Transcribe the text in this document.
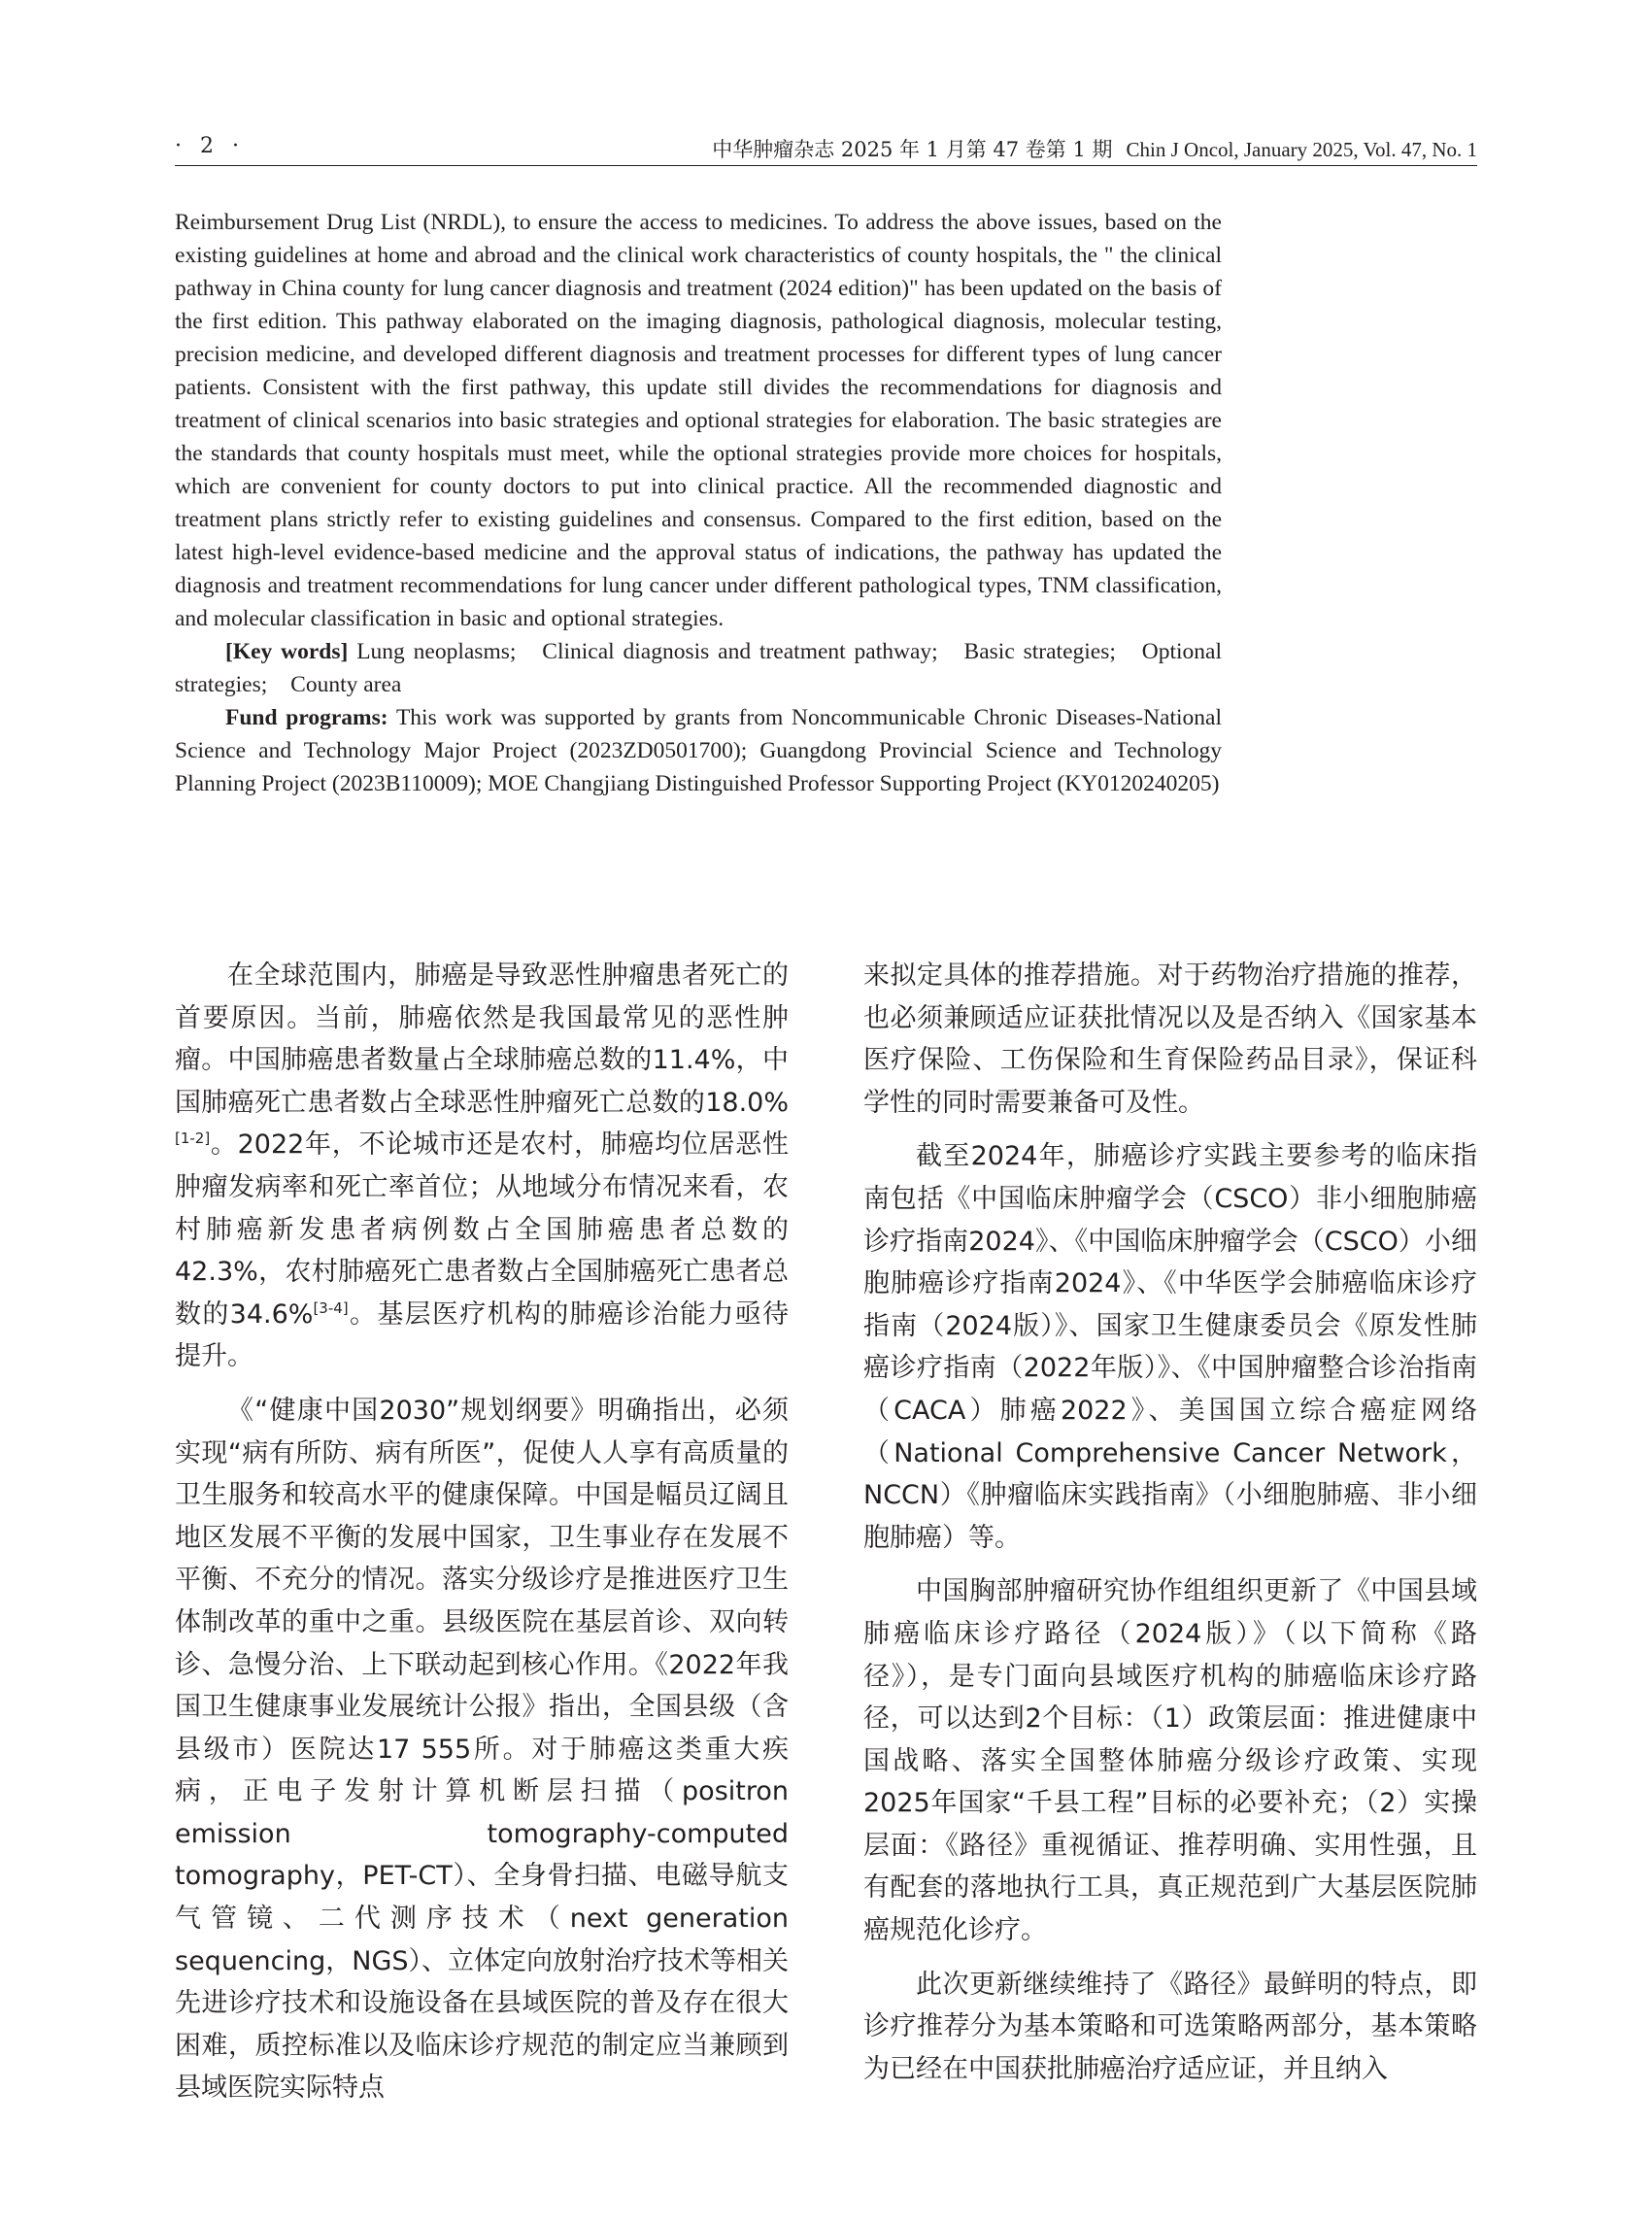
· 2 ·	中华肿瘤杂志 2025 年 1 月第 47 卷第 1 期 Chin J Oncol, January 2025, Vol. 47, No. 1

Reimbursement Drug List (NRDL), to ensure the access to medicines. To address the above issues, based on the existing guidelines at home and abroad and the clinical work characteristics of county hospitals, the " the clinical pathway in China county for lung cancer diagnosis and treatment (2024 edition)" has been updated on the basis of the first edition. This pathway elaborated on the imaging diagnosis, pathological diagnosis, molecular testing, precision medicine, and developed different diagnosis and treatment processes for different types of lung cancer patients. Consistent with the first pathway, this update still divides the recommendations for diagnosis and treatment of clinical scenarios into basic strategies and optional strategies for elaboration. The basic strategies are the standards that county hospitals must meet, while the optional strategies provide more choices for hospitals, which are convenient for county doctors to put into clinical practice. All the recommended diagnostic and treatment plans strictly refer to existing guidelines and consensus. Compared to the first edition, based on the latest high-level evidence-based medicine and the approval status of indications, the pathway has updated the diagnosis and treatment recommendations for lung cancer under different pathological types, TNM classification, and molecular classification in basic and optional strategies.

[Key words] Lung neoplasms; Clinical diagnosis and treatment pathway; Basic strategies; Optional strategies; County area

Fund programs: This work was supported by grants from Noncommunicable Chronic Diseases-National Science and Technology Major Project (2023ZD0501700); Guangdong Provincial Science and Technology Planning Project (2023B110009); MOE Changjiang Distinguished Professor Supporting Project (KY0120240205)

在全球范围内，肺癌是导致恶性肿瘤患者死亡的首要原因。当前，肺癌依然是我国最常见的恶性肿瘤。中国肺癌患者数量占全球肺癌总数的11.4%，中国肺癌死亡患者数占全球恶性肿瘤死亡总数的18.0%[1-2]。2022年，不论城市还是农村，肺癌均位居恶性肿瘤发病率和死亡率首位；从地域分布情况来看，农村肺癌新发患者病例数占全国肺癌患者总数的42.3%，农村肺癌死亡患者数占全国肺癌死亡患者总数的34.6%[3-4]。基层医疗机构的肺癌诊治能力亟待提升。

《“健康中国2030”规划纲要》明确指出，必须实现“病有所防、病有所医”，促使人人享有高质量的卫生服务和较高水平的健康保障。中国是幅员辽阔且地区发展不平衡的发展中国家，卫生事业存在发展不平衡、不充分的情况。落实分级诊疗是推进医疗卫生体制改革的重中之重。县级医院在基层首诊、双向转诊、急慢分治、上下联动起到核心作用。《2022年我国卫生健康事业发展统计公报》指出，全国县级（含县级市）医院达17 555所。对于肺癌这类重大疾病，正电子发射计算机断层扫描（positron emission tomography-computed tomography，PET-CT）、全身骨扫描、电磁导航支气管镜、二代测序技术（next generation sequencing，NGS）、立体定向放射治疗技术等相关先进诊疗技术和设施设备在县域医院的普及存在很大困难，质控标准以及临床诊疗规范的制定应当兼顾到县域医院实际特点

来拟定具体的推荐措施。对于药物治疗措施的推荐，也必须兼顾适应证获批情况以及是否纳入《国家基本医疗保险、工伤保险和生育保险药品目录》，保证科学性的同时需要兼备可及性。

截至2024年，肺癌诊疗实践主要参考的临床指南包括《中国临床肿瘤学会（CSCO）非小细胞肺癌诊疗指南2024》、《中国临床肿瘤学会（CSCO）小细胞肺癌诊疗指南2024》、《中华医学会肺癌临床诊疗指南（2024版）》、国家卫生健康委员会《原发性肺癌诊疗指南（2022年版）》、《中国肿瘤整合诊治指南（CACA）肺癌2022》、美国国立综合癌症网络（National Comprehensive Cancer Network，NCCN）《肿瘤临床实践指南》（小细胞肺癌、非小细胞肺癌）等。

中国胸部肿瘤研究协作组组织更新了《中国县域肺癌临床诊疗路径（2024版）》（以下简称《路径》），是专门面向县域医疗机构的肺癌临床诊疗路径，可以达到2个目标：（1）政策层面：推进健康中国战略、落实全国整体肺癌分级诊疗政策、实现2025年国家“千县工程”目标的必要补充；（2）实操层面：《路径》重视循证、推荐明确、实用性强，且有配套的落地执行工具，真正规范到广大基层医院肺癌规范化诊疗。

此次更新继续维持了《路径》最鲜明的特点，即诊疗推荐分为基本策略和可选策略两部分，基本策略为已经在中国获批肺癌治疗适应证，并且纳入
